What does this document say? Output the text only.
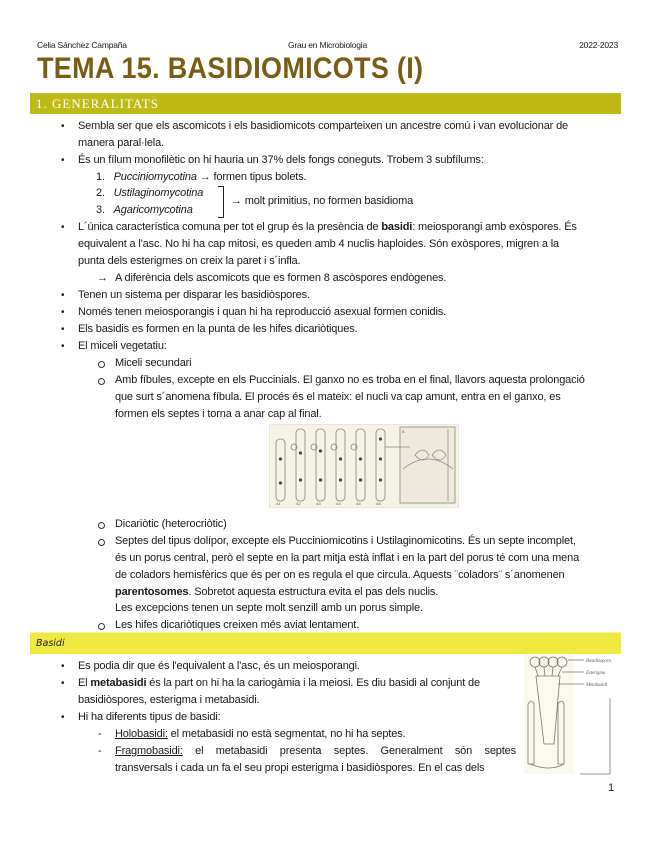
Celia Sánchez Campaña	Grau en Microbiologia	2022-2023
TEMA 15. BASIDIOMICOTS (I)
1. GENERALITATS
• Sembla ser que els ascomicots i els basidiomicots comparteixen un ancestre comú i van evolucionar de
manera paral·lela.
• És un fílum monofilètic on hi hauria un 37% dels fongs coneguts. Trobem 3 subfílums:
1. Pucciniomycotina → formen tipus bolets.
2. Ustilaginomycotina
3. Agaricomycotina
→ molt primitius, no formen basidioma
• L´única característica comuna per tot el grup és la presència de basidi: meiosporangi amb exòspores. És
equivalent a l'asc. No hi ha cap mitosi, es queden amb 4 nuclis haploides. Són exòspores, migren a la
punta dels esterigmes on creix la paret i s´infla.
→ A diferència dels ascomicots que es formen 8 ascòspores endògenes.
• Tenen un sistema per disparar les basidiòspores.
• Només tenen meiosporangis i quan hi ha reproducció asexual formen conidis.
• Els basidis es formen en la punta de les hifes dicariòtiques.
• El miceli vegetatiu:
Miceli secundari
Amb fíbules, excepte en els Puccinials. El ganxo no es troba en el final, llavors aquesta prolongació
que surt s´anomena fíbula. El procés és el mateix: el nucli va cap amunt, entra en el ganxo, es
formen els septes i torna a anar cap al final.
A1	A2	A3	A4	A5	A6
B
Dicariòtic (heterocriòtic)
Septes del tipus dolípor, excepte els Pucciniomicotins i Ustilaginomicotins. És un septe incomplet,
és un porus central, però el septe en la part mitja està inflat i en la part del porus té com una mena
de coladors hemisfèrics que és per on es regula el que circula. Aquests ¨coladors¨ s´anomenen
parentosomes. Sobretot aquesta estructura evita el pas dels nuclis.
Les excepcions tenen un septe molt senzill amb un porus simple.
Les hifes dicariòtiques creixen més aviat lentament.
Basidi
• Es podia dir que és l'equivalent a l'asc, és un meiosporangi.
• El metabasidi és la part on hi ha la cariogàmia i la meiosi. Es diu basidi al conjunt de
basidiòspores, esterigma i metabasidi.
• Hi ha diferents tipus de basidi:
- Holobasidi: el metabasidi no està segmentat, no hi ha septes.
- Fragmobasidi: el metabasidi presenta septes. Generalment són septes
transversals i cada un fa el seu propi esterigma i basidiòspores. En el cas dels
Basidiòspora
Esterigma
Metabasidi
1
